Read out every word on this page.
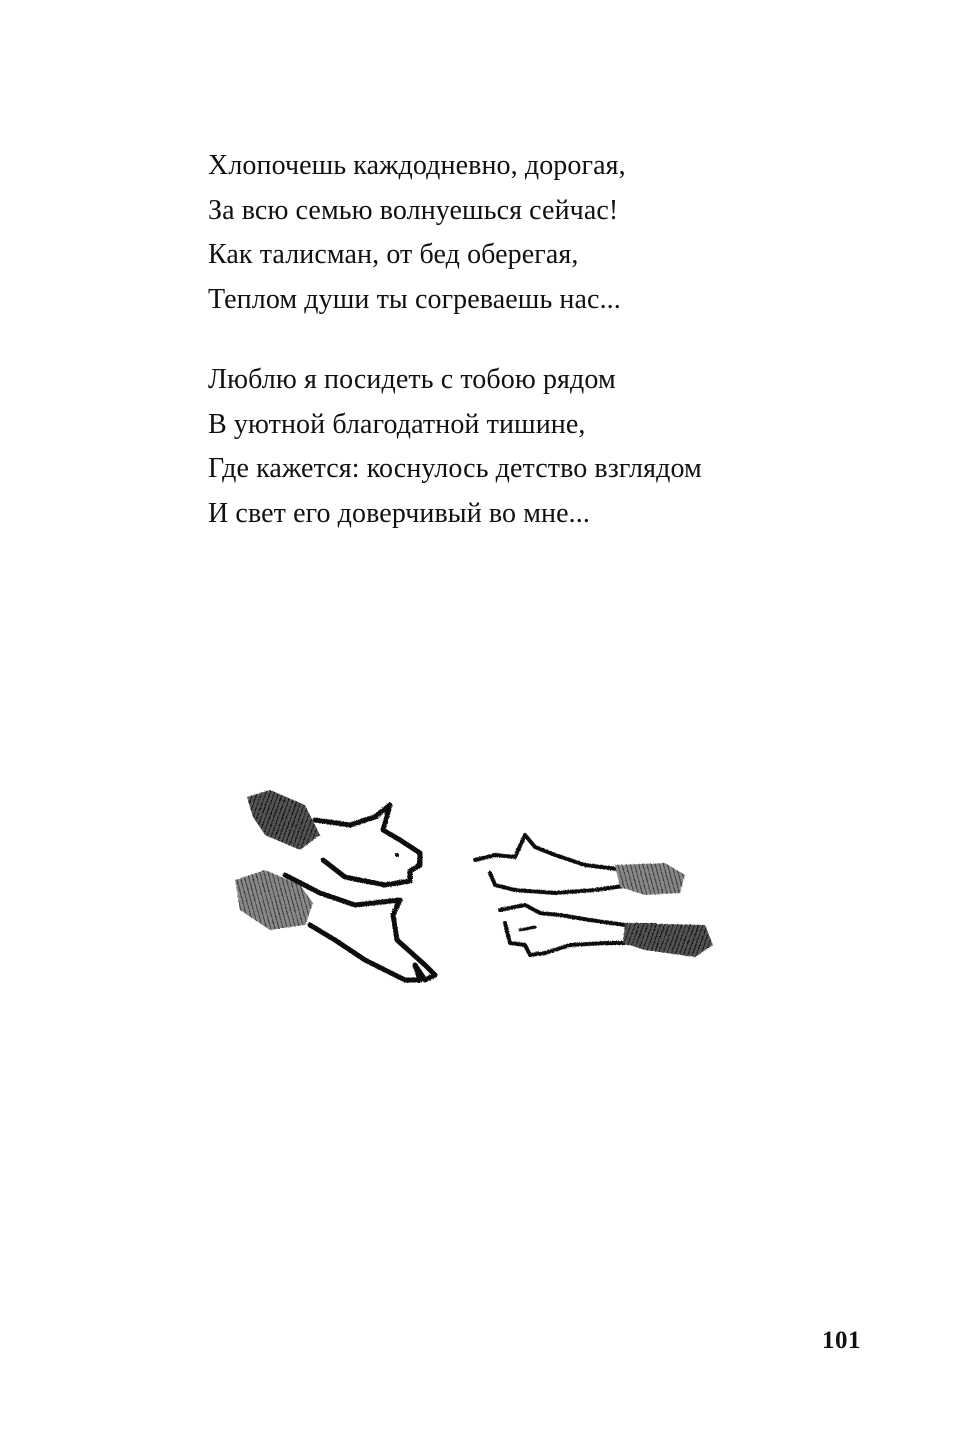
Хлопочешь каждодневно, дорогая,
За всю семью волнуешься сейчас!
Как талисман, от бед оберегая,
Теплом души ты согреваешь нас...
Люблю я посидеть с тобою рядом
В уютной благодатной тишине,
Где кажется: коснулось детство взглядом
И свет его доверчивый во мне...
101
